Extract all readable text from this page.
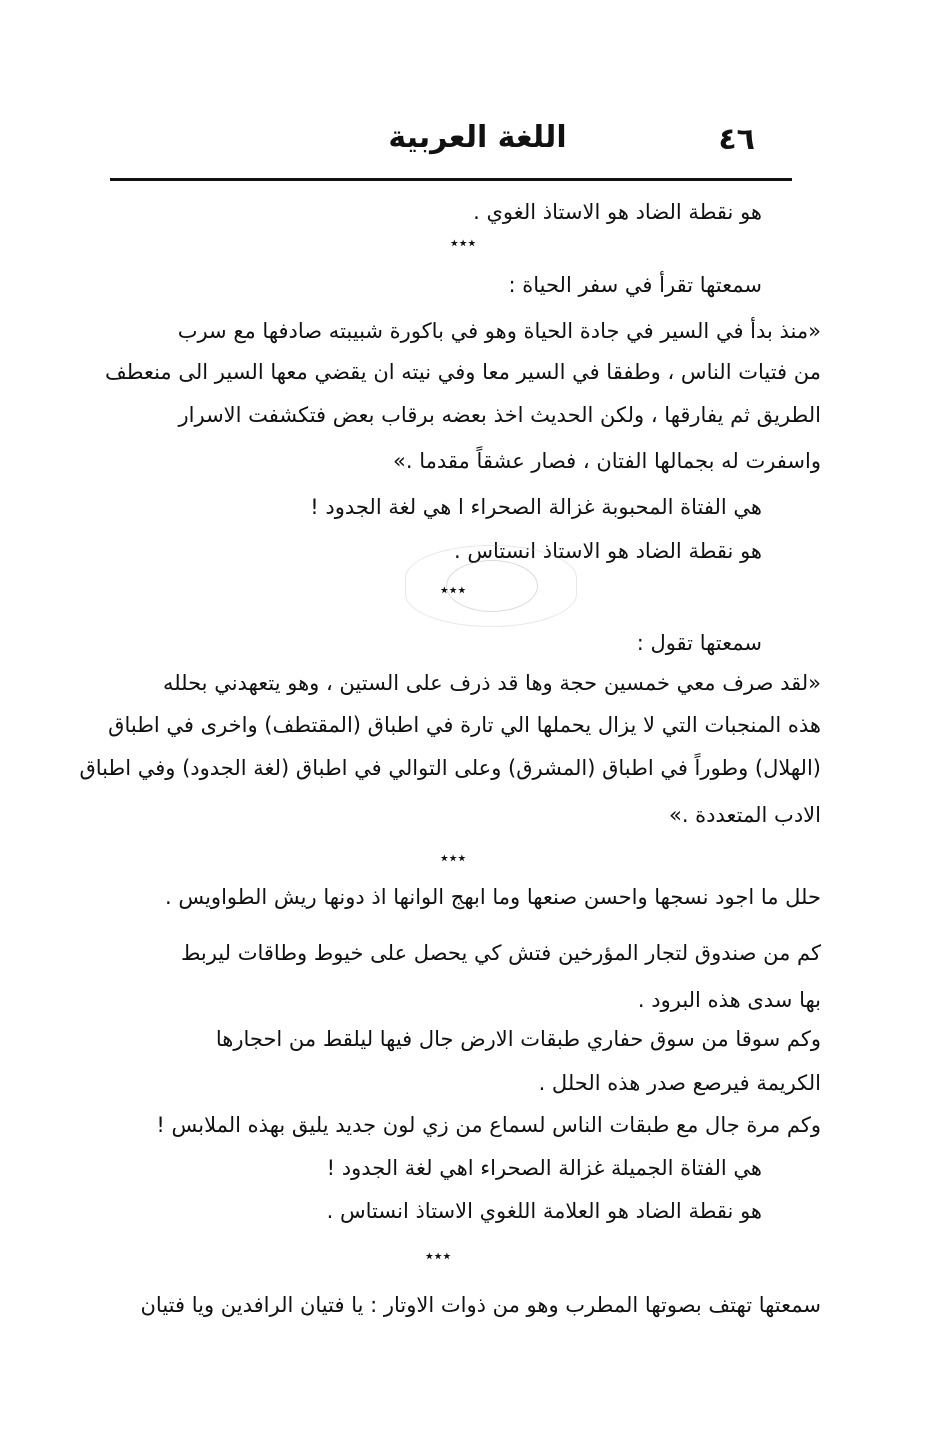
اللغة العربية	٤٦
هو نقطة الضاد هو الاستاذ الغوي .
٭٭٭
سمعتها تقرأ في سفر الحياة :
«منذ بدأ في السير في جادة الحياة وهو في باكورة شبيبته صادفها مع سرب
من فتيات الناس ، وطفقا في السير معا وفي نيته ان يقضي معها السير الى منعطف
الطريق ثم يفارقها ، ولكن الحديث اخذ بعضه برقاب بعض فتكشفت الاسرار
واسفرت له بجمالها الفتان ، فصار عشقاً مقدما .»
هي الفتاة المحبوبة غزالة الصحراء ا هي لغة الجدود !
هو نقطة الضاد هو الاستاذ انستاس .
٭٭٭
سمعتها تقول :
«لقد صرف معي خمسين حجة وها قد ذرف على الستين ، وهو يتعهدني بحلله
هذه المنجبات التي لا يزال يحملها الي تارة في اطباق (المقتطف) واخرى في اطباق
(الهلال) وطوراً في اطباق (المشرق) وعلى التوالي في اطباق (لغة الجدود) وفي اطباق
الادب المتعددة .»
٭٭٭
حلل ما اجود نسجها واحسن صنعها وما ابهج الوانها اذ دونها ريش الطواويس .
كم من صندوق لتجار المؤرخين فتش كي يحصل على خيوط وطاقات ليربط
بها سدى هذه البرود .
وكم سوقا من سوق حفاري طبقات الارض جال فيها ليلقط من احجارها
الكريمة فيرصع صدر هذه الحلل .
وكم مرة جال مع طبقات الناس لسماع من زي لون جديد يليق بهذه الملابس !
هي الفتاة الجميلة غزالة الصحراء اهي لغة الجدود !
هو نقطة الضاد هو العلامة اللغوي الاستاذ انستاس .
٭٭٭
سمعتها تهتف بصوتها المطرب وهو من ذوات الاوتار : يا فتيان الرافدين ويا فتيان
